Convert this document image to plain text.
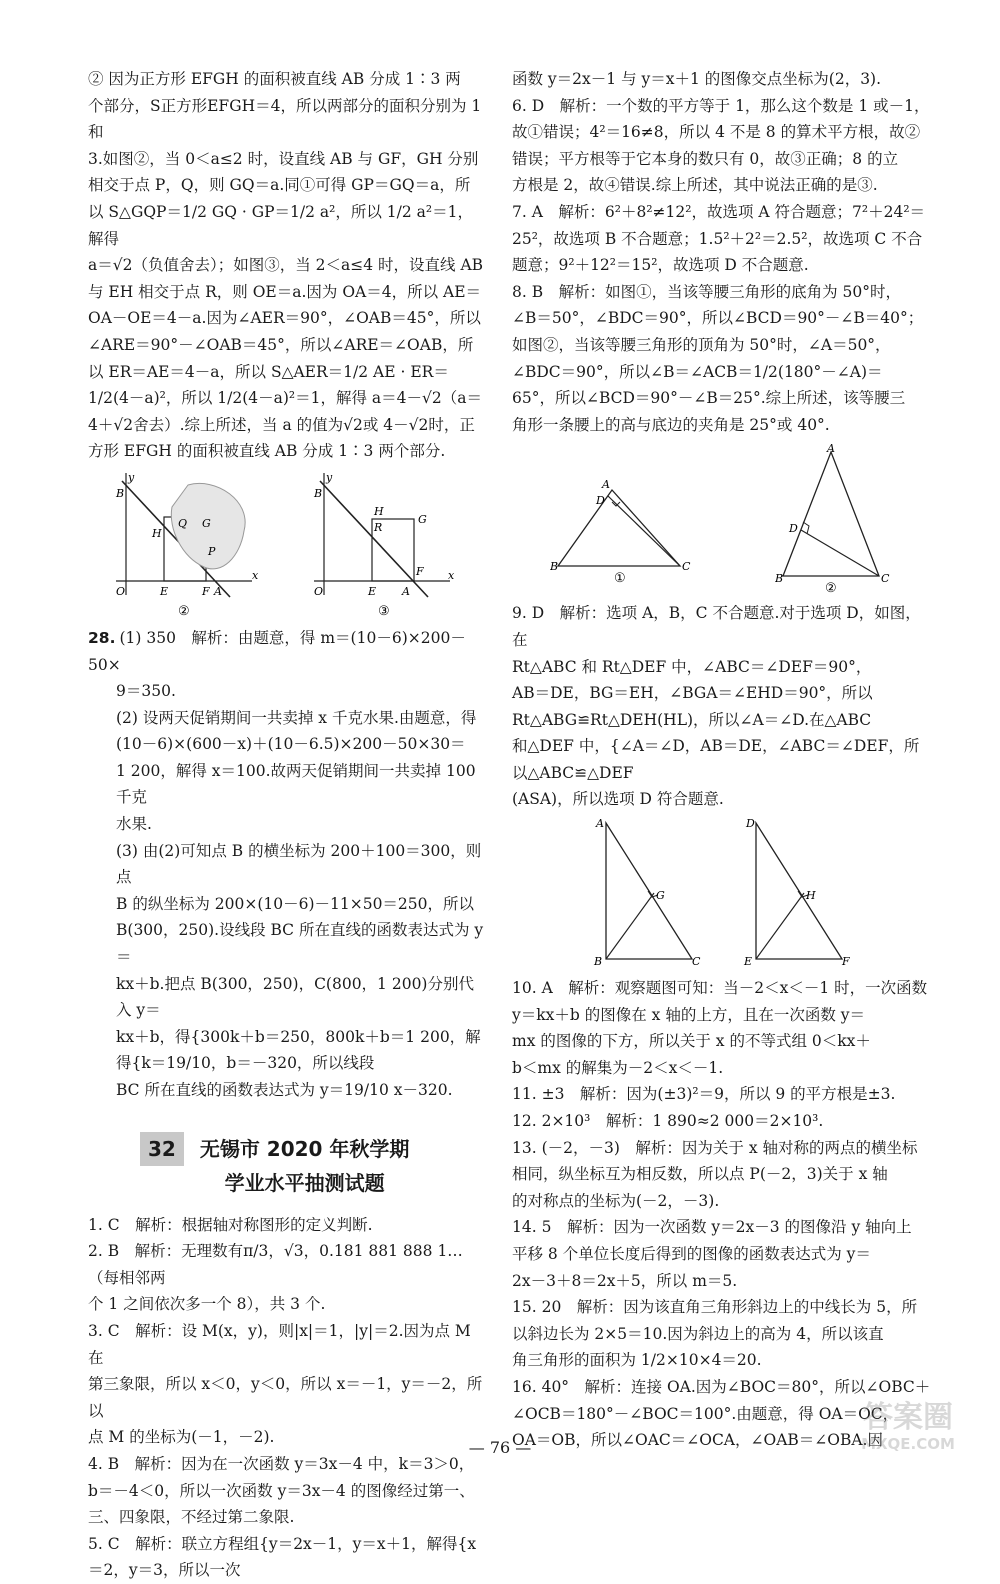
② 因为正方形 EFGH 的面积被直线 AB 分成 1∶3 两
个部分，S正方形EFGH＝4，所以两部分的面积分别为 1 和
3.如图②，当 0＜a≤2 时，设直线 AB 与 GF，GH 分别
相交于点 P，Q，则 GQ＝a.同①可得 GP＝GQ＝a，所
以 S△GQP＝1/2 GQ · GP＝1/2 a²，所以 1/2 a²＝1，解得
a＝√2（负值舍去）；如图③，当 2＜a≤4 时，设直线 AB
与 EH 相交于点 R，则 OE＝a.因为 OA＝4，所以 AE＝
OA－OE＝4－a.因为∠AER＝90°，∠OAB＝45°，所以
∠ARE＝90°－∠OAB＝45°，所以∠ARE＝∠OAB，所
以 ER＝AE＝4－a，所以 S△AER＝1/2 AE · ER＝
1/2(4－a)²，所以 1/2(4－a)²＝1，解得 a＝4－√2（a＝
4＋√2舍去）.综上所述，当 a 的值为√2或 4－√2时，正
方形 EFGH 的面积被直线 AB 分成 1∶3 两个部分.
y
x
B
H
Q G
P
O	E	F A
②
y
x
B
H
R
G
F
O	E A
③
28. (1) 350　解析：由题意，得 m＝(10－6)×200－50×
9＝350.
(2) 设两天促销期间一共卖掉 x 千克水果.由题意，得
(10－6)×(600－x)＋(10－6.5)×200－50×30＝
1 200，解得 x＝100.故两天促销期间一共卖掉 100 千克
水果.
(3) 由(2)可知点 B 的横坐标为 200＋100＝300，则点
B 的纵坐标为 200×(10－6)－11×50＝250，所以
B(300，250).设线段 BC 所在直线的函数表达式为 y＝
kx＋b.把点 B(300，250)，C(800，1 200)分别代入 y＝
kx＋b，得{300k＋b＝250，800k＋b＝1 200，解得{k＝19/10，b＝－320，所以线段
BC 所在直线的函数表达式为 y＝19/10 x－320.
32	无锡市 2020 年秋学期
学业水平抽测试题
1. C　解析：根据轴对称图形的定义判断.
2. B　解析：无理数有π/3，√3，0.181 881 888 1…（每相邻两
个 1 之间依次多一个 8），共 3 个.
3. C　解析：设 M(x，y)，则|x|＝1，|y|＝2.因为点 M 在
第三象限，所以 x＜0，y＜0，所以 x＝－1，y＝－2，所以
点 M 的坐标为(－1，－2).
4. B　解析：因为在一次函数 y＝3x－4 中，k＝3＞0，
b＝－4＜0，所以一次函数 y＝3x－4 的图像经过第一、
三、四象限，不经过第二象限.
5. C　解析：联立方程组{y＝2x－1，y＝x＋1，解得{x＝2，y＝3，所以一次
函数 y＝2x－1 与 y＝x＋1 的图像交点坐标为(2，3).
6. D　解析：一个数的平方等于 1，那么这个数是 1 或－1，
故①错误；4²＝16≠8，所以 4 不是 8 的算术平方根，故②
错误；平方根等于它本身的数只有 0，故③正确；8 的立
方根是 2，故④错误.综上所述，其中说法正确的是③.
7. A　解析：6²＋8²≠12²，故选项 A 符合题意；7²＋24²＝
25²，故选项 B 不合题意；1.5²＋2²＝2.5²，故选项 C 不合
题意；9²＋12²＝15²，故选项 D 不合题意.
8. B　解析：如图①，当该等腰三角形的底角为 50°时，
∠B＝50°，∠BDC＝90°，所以∠BCD＝90°－∠B＝40°；
如图②，当该等腰三角形的顶角为 50°时，∠A＝50°，
∠BDC＝90°，所以∠B＝∠ACB＝1/2(180°－∠A)＝
65°，所以∠BCD＝90°－∠B＝25°.综上所述，该等腰三
角形一条腰上的高与底边的夹角是 25°或 40°.
A
D
B	C
①
A
D
B	C
②
9. D　解析：选项 A，B，C 不合题意.对于选项 D，如图，在
Rt△ABC 和 Rt△DEF 中，∠ABC＝∠DEF＝90°，
AB＝DE，BG＝EH，∠BGA＝∠EHD＝90°，所以
Rt△ABG≌Rt△DEH(HL)，所以∠A＝∠D.在△ABC
和△DEF 中，{∠A＝∠D，AB＝DE，∠ABC＝∠DEF，所以△ABC≌△DEF
(ASA)，所以选项 D 符合题意.
A
G
B	C
D
H
E	F
10. A　解析：观察题图可知：当－2＜x＜－1 时，一次函数
y＝kx＋b 的图像在 x 轴的上方，且在一次函数 y＝
mx 的图像的下方，所以关于 x 的不等式组 0＜kx＋
b＜mx 的解集为－2＜x＜－1.
11. ±3　解析：因为(±3)²＝9，所以 9 的平方根是±3.
12. 2×10³　解析：1 890≈2 000＝2×10³.
13. (－2，－3)　解析：因为关于 x 轴对称的两点的横坐标
相同，纵坐标互为相反数，所以点 P(－2，3)关于 x 轴
的对称点的坐标为(－2，－3).
14. 5　解析：因为一次函数 y＝2x－3 的图像沿 y 轴向上
平移 8 个单位长度后得到的图像的函数表达式为 y＝
2x－3＋8＝2x＋5，所以 m＝5.
15. 20　解析：因为该直角三角形斜边上的中线长为 5，所
以斜边长为 2×5＝10.因为斜边上的高为 4，所以该直
角三角形的面积为 1/2×10×4＝20.
16. 40°　解析：连接 OA.因为∠BOC＝80°，所以∠OBC＋
∠OCB＝180°－∠BOC＝100°.由题意，得 OA＝OC，
OA＝OB，所以∠OAC＝∠OCA，∠OAB＝∠OBA.因
— 76 —
答案圈
MXQE.COM
